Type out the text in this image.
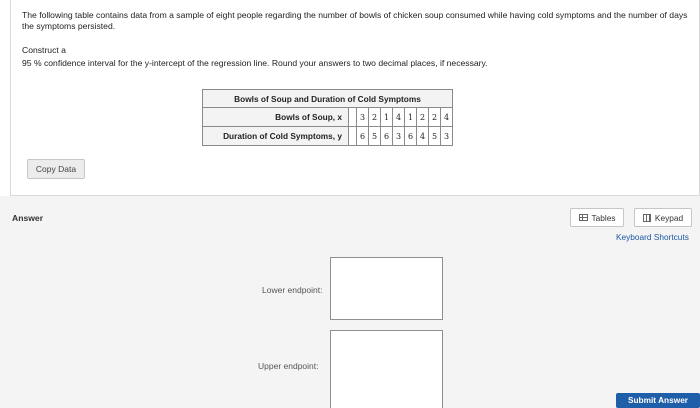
The following table contains data from a sample of eight people regarding the number of bowls of chicken soup consumed while having cold symptoms and the number of days the symptoms persisted.
Construct a
95 % confidence interval for the y-intercept of the regression line. Round your answers to two decimal places, if necessary.
Bowls of Soup and Duration of Cold Symptoms									
Bowls of Soup, x		3	2	1	4	1	2	2	4
Duration of Cold Symptoms, y		6	5	6	3	6	4	5	3
Copy Data
Answer	Tables	Keypad
Keyboard Shortcuts
Lower endpoint:
Upper endpoint:
Submit Answer
